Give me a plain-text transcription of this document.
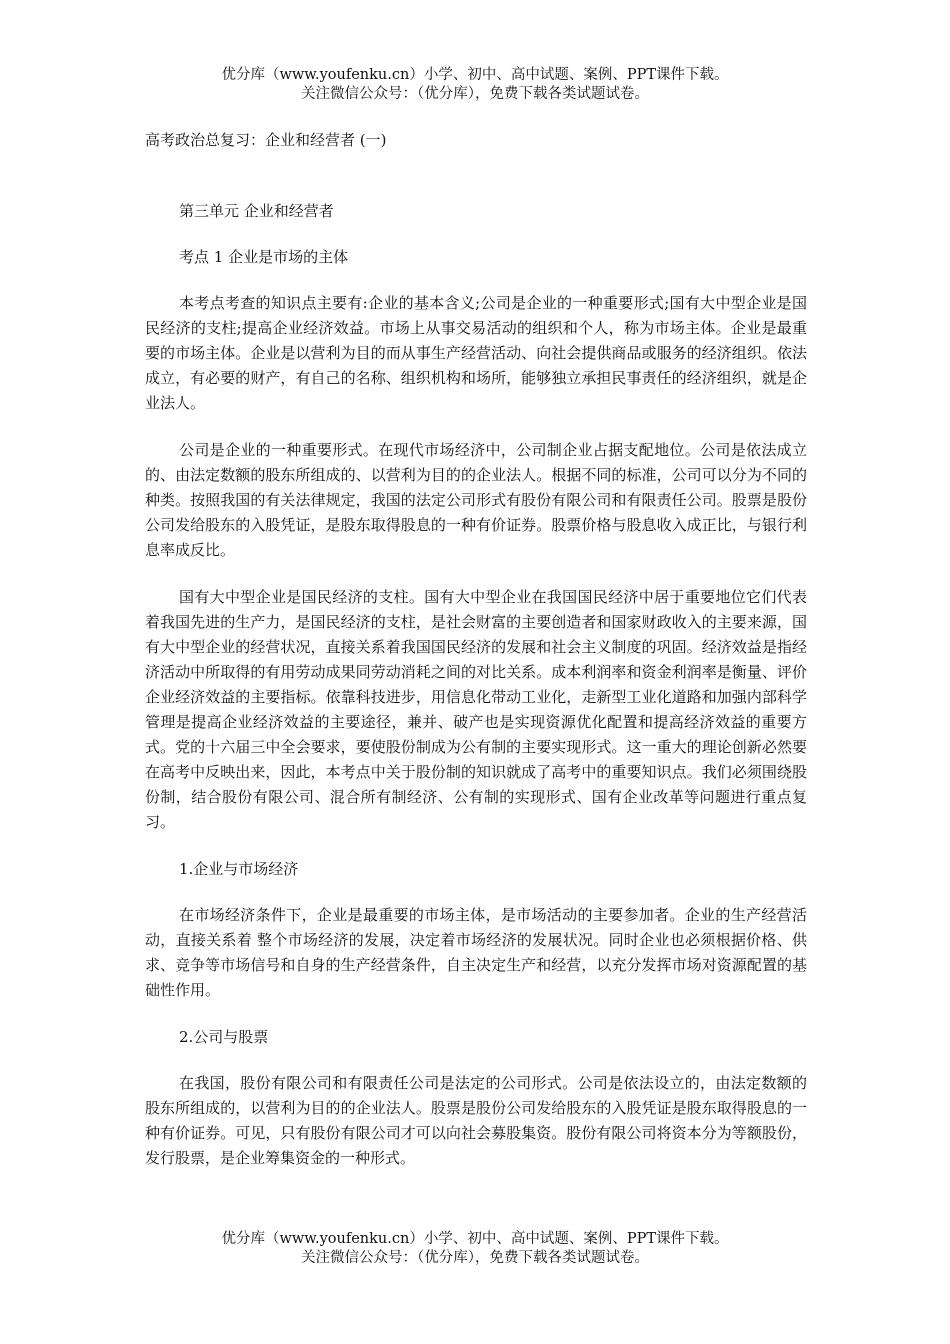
优分库（www.youfenku.cn）小学、初中、高中试题、案例、PPT课件下载。
关注微信公众号：（优分库），免费下载各类试题试卷。
高考政治总复习：企业和经营者 (一)
第三单元 企业和经营者
考点 1 企业是市场的主体
本考点考查的知识点主要有:企业的基本含义;公司是企业的一种重要形式;国有大中型企业是国民经济的支柱;提高企业经济效益。市场上从事交易活动的组织和个人，称为市场主体。企业是最重要的市场主体。企业是以营利为目的而从事生产经营活动、向社会提供商品或服务的经济组织。依法成立，有必要的财产，有自己的名称、组织机构和场所，能够独立承担民事责任的经济组织，就是企业法人。
公司是企业的一种重要形式。在现代市场经济中，公司制企业占据支配地位。公司是依法成立的、由法定数额的股东所组成的、以营利为目的的企业法人。根据不同的标准，公司可以分为不同的种类。按照我国的有关法律规定，我国的法定公司形式有股份有限公司和有限责任公司。股票是股份公司发给股东的入股凭证，是股东取得股息的一种有价证券。股票价格与股息收入成正比，与银行利息率成反比。
国有大中型企业是国民经济的支柱。国有大中型企业在我国国民经济中居于重要地位它们代表着我国先进的生产力，是国民经济的支柱，是社会财富的主要创造者和国家财政收入的主要来源，国有大中型企业的经营状况，直接关系着我国国民经济的发展和社会主义制度的巩固。经济效益是指经济活动中所取得的有用劳动成果同劳动消耗之间的对比关系。成本利润率和资金利润率是衡量、评价企业经济效益的主要指标。依靠科技进步，用信息化带动工业化，走新型工业化道路和加强内部科学管理是提高企业经济效益的主要途径，兼并、破产也是实现资源优化配置和提高经济效益的重要方式。党的十六届三中全会要求，要使股份制成为公有制的主要实现形式。这一重大的理论创新必然要在高考中反映出来，因此，本考点中关于股份制的知识就成了高考中的重要知识点。我们必须围绕股份制，结合股份有限公司、混合所有制经济、公有制的实现形式、国有企业改革等问题进行重点复习。
1.企业与市场经济
在市场经济条件下，企业是最重要的市场主体，是市场活动的主要参加者。企业的生产经营活动，直接关系着 整个市场经济的发展，决定着市场经济的发展状况。同时企业也必须根据价格、供求、竞争等市场信号和自身的生产经营条件，自主决定生产和经营，以充分发挥市场对资源配置的基础性作用。
2.公司与股票
在我国，股份有限公司和有限责任公司是法定的公司形式。公司是依法设立的，由法定数额的股东所组成的，以营利为目的的企业法人。股票是股份公司发给股东的入股凭证是股东取得股息的一种有价证券。可见，只有股份有限公司才可以向社会募股集资。股份有限公司将资本分为等额股份，发行股票，是企业筹集资金的一种形式。
优分库（www.youfenku.cn）小学、初中、高中试题、案例、PPT课件下载。
关注微信公众号：（优分库），免费下载各类试题试卷。
